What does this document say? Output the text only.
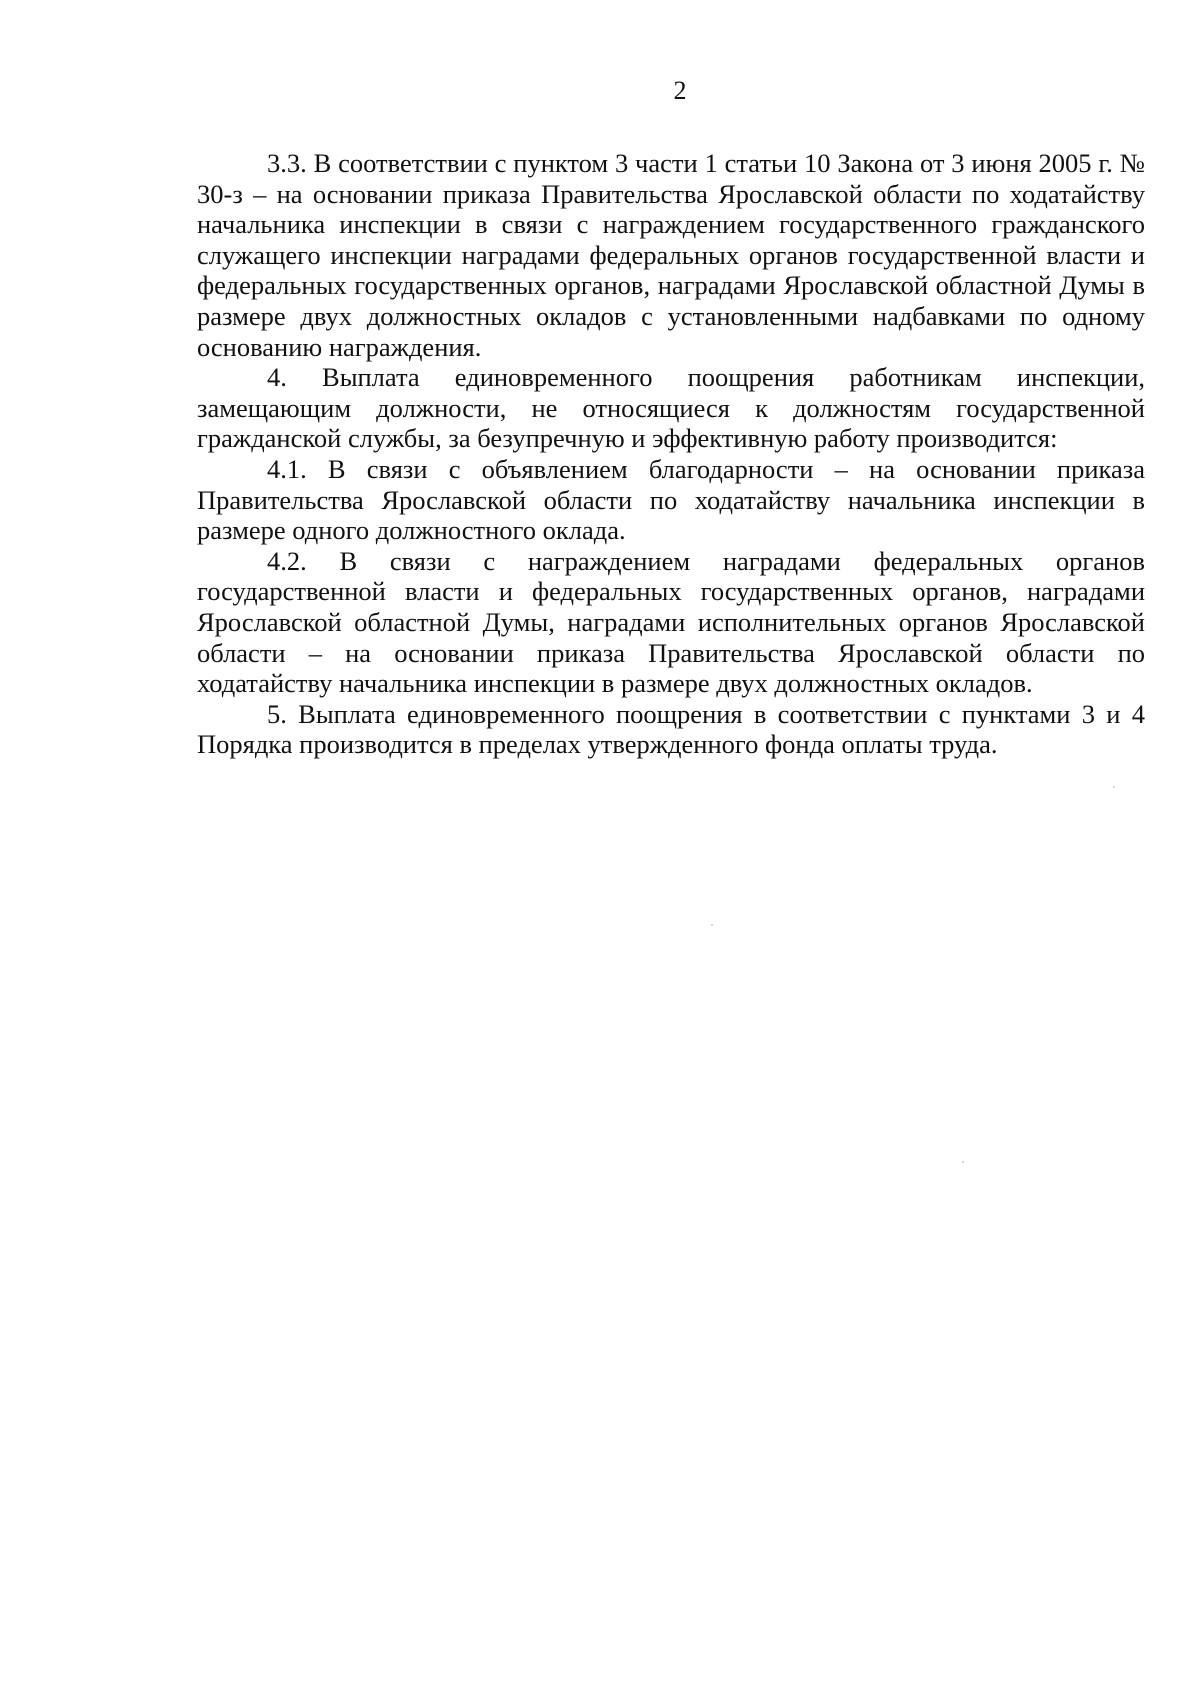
2

3.3. В соответствии с пунктом 3 части 1 статьи 10 Закона от 3 июня 2005 г. № 30-з – на основании приказа Правительства Ярославской области по ходатайству начальника инспекции в связи с награждением государственного гражданского служащего инспекции наградами федеральных органов государственной власти и федеральных государственных органов, наградами Ярославской областной Думы в размере двух должностных окладов с установленными надбавками по одному основанию награждения.

4. Выплата единовременного поощрения работникам инспекции, замещающим должности, не относящиеся к должностям государственной гражданской службы, за безупречную и эффективную работу производится:

4.1. В связи с объявлением благодарности – на основании приказа Правительства Ярославской области по ходатайству начальника инспекции в размере одного должностного оклада.

4.2. В связи с награждением наградами федеральных органов государственной власти и федеральных государственных органов, наградами Ярославской областной Думы, наградами исполнительных органов Ярославской области – на основании приказа Правительства Ярославской области по ходатайству начальника инспекции в размере двух должностных окладов.

5. Выплата единовременного поощрения в соответствии с пунктами 3 и 4 Порядка производится в пределах утвержденного фонда оплаты труда.
